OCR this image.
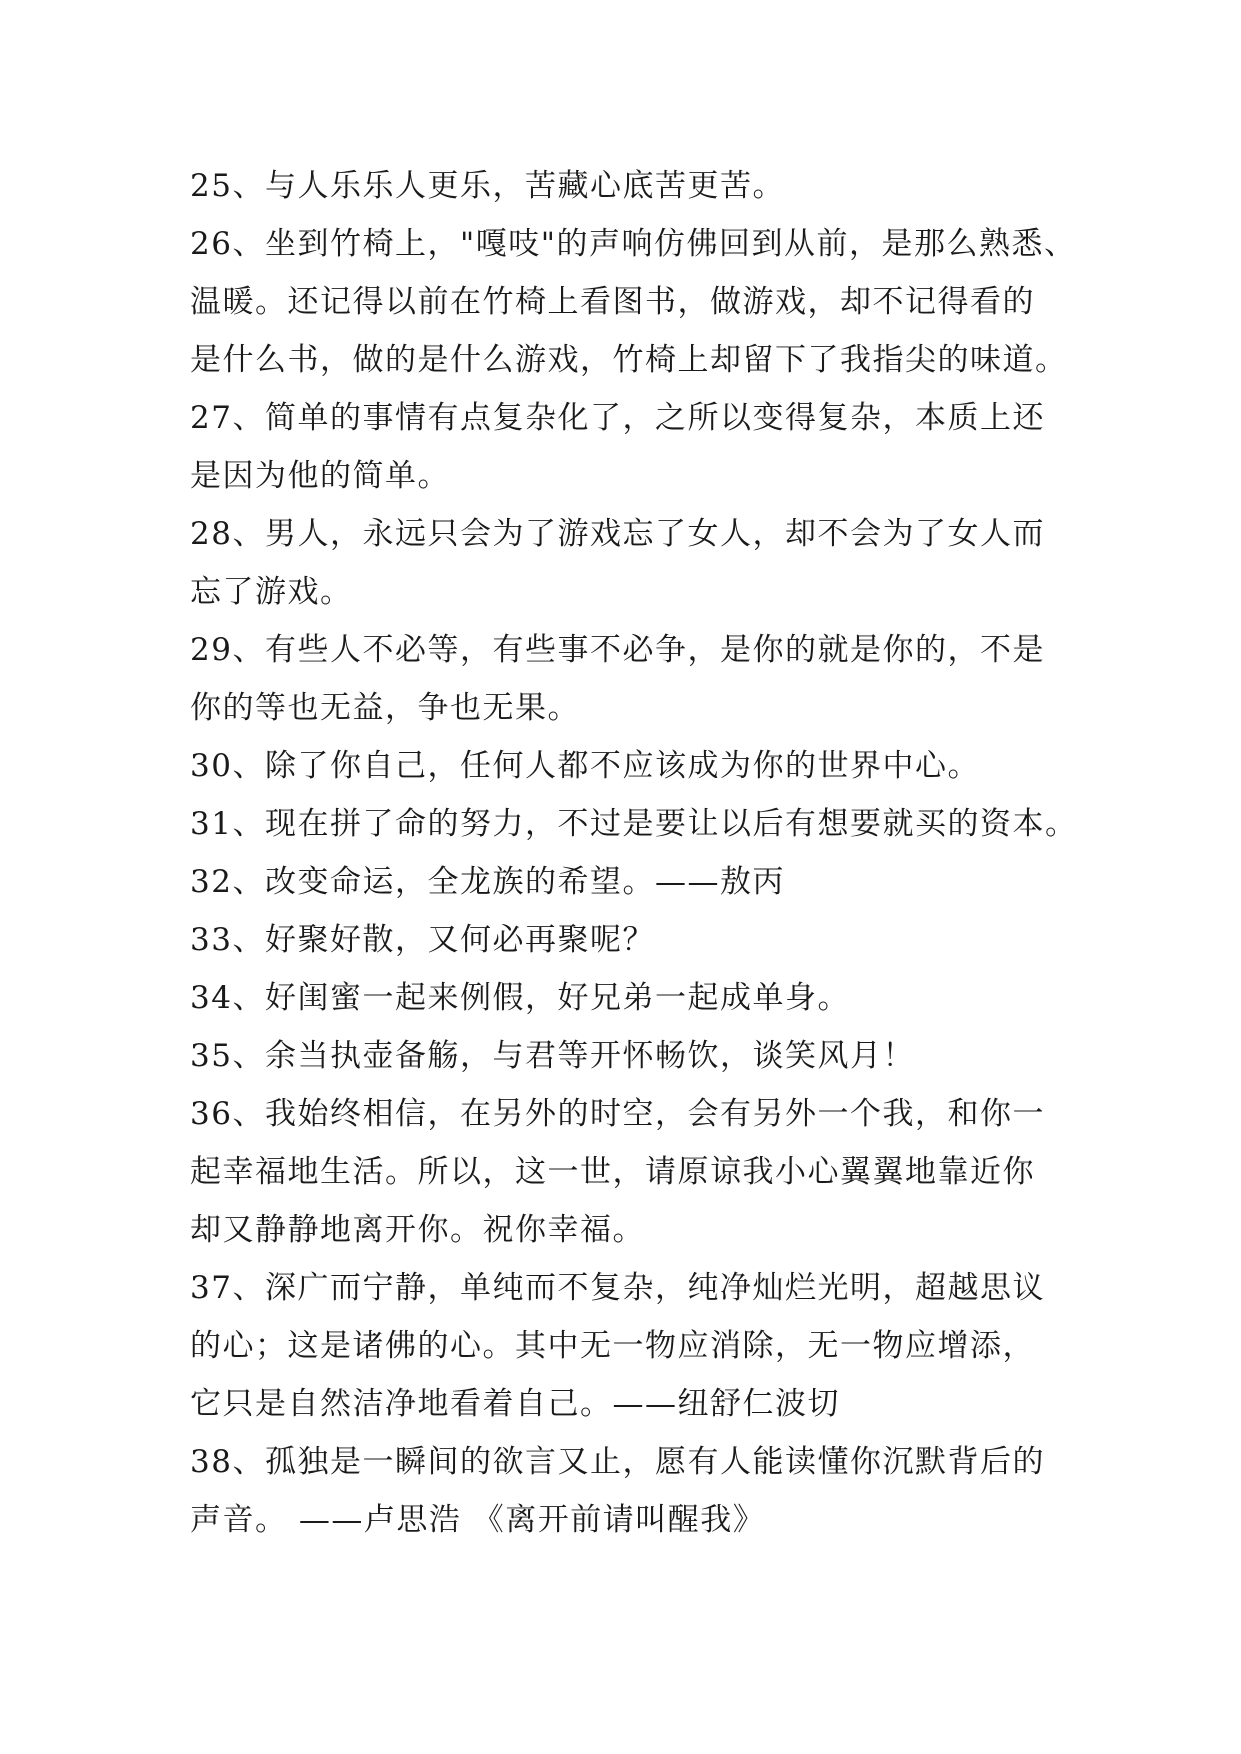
25、与人乐乐人更乐，苦藏心底苦更苦。
26、坐到竹椅上，"嘎吱"的声响仿佛回到从前，是那么熟悉、
温暖。还记得以前在竹椅上看图书，做游戏，却不记得看的
是什么书，做的是什么游戏，竹椅上却留下了我指尖的味道。
27、简单的事情有点复杂化了，之所以变得复杂，本质上还
是因为他的简单。
28、男人，永远只会为了游戏忘了女人，却不会为了女人而
忘了游戏。
29、有些人不必等，有些事不必争，是你的就是你的，不是
你的等也无益，争也无果。
30、除了你自己，任何人都不应该成为你的世界中心。
31、现在拼了命的努力，不过是要让以后有想要就买的资本。
32、改变命运，全龙族的希望。——敖丙
33、好聚好散，又何必再聚呢？
34、好闺蜜一起来例假，好兄弟一起成单身。
35、余当执壶备觞，与君等开怀畅饮，谈笑风月！
36、我始终相信，在另外的时空，会有另外一个我，和你一
起幸福地生活。所以，这一世，请原谅我小心翼翼地靠近你
却又静静地离开你。祝你幸福。
37、深广而宁静，单纯而不复杂，纯净灿烂光明，超越思议
的心；这是诸佛的心。其中无一物应消除，无一物应增添，
它只是自然洁净地看着自己。——纽舒仁波切
38、孤独是一瞬间的欲言又止，愿有人能读懂你沉默背后的
声音。 ——卢思浩 《离开前请叫醒我》
